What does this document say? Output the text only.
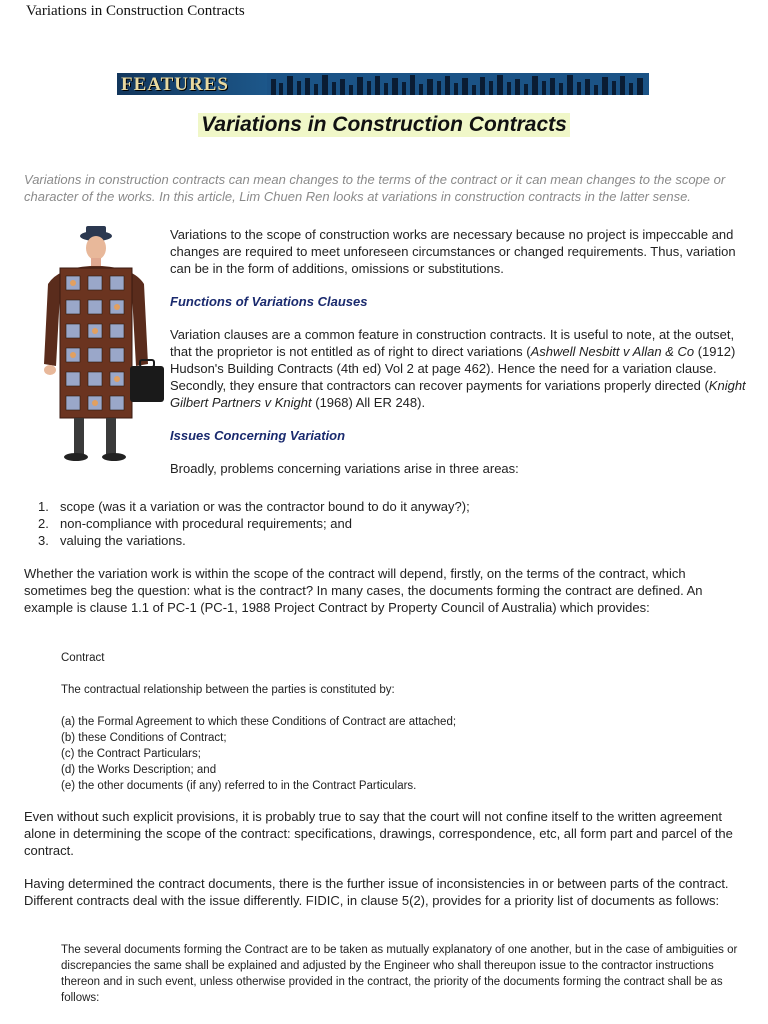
Variations in Construction Contracts
FEATURES
Variations in Construction Contracts

Variations in construction contracts can mean changes to the terms of the contract or it can mean changes to the scope or character of the works. In this article, Lim Chuen Ren looks at variations in construction contracts in the latter sense.

Variations to the scope of construction works are necessary because no project is impeccable and changes are required to meet unforeseen circumstances or changed requirements. Thus, variation can be in the form of additions, omissions or substitutions.

Functions of Variations Clauses

Variation clauses are a common feature in construction contracts. It is useful to note, at the outset, that the proprietor is not entitled as of right to direct variations (Ashwell Nesbitt v Allan & Co (1912) Hudson's Building Contracts (4th ed) Vol 2 at page 462). Hence the need for a variation clause. Secondly, they ensure that contractors can recover payments for variations properly directed (Knight Gilbert Partners v Knight (1968) All ER 248).

Issues Concerning Variation

Broadly, problems concerning variations arise in three areas:

1. scope (was it a variation or was the contractor bound to do it anyway?);
2. non-compliance with procedural requirements; and
3. valuing the variations.

Whether the variation work is within the scope of the contract will depend, firstly, on the terms of the contract, which sometimes beg the question: what is the contract? In many cases, the documents forming the contract are defined. An example is clause 1.1 of PC-1 (PC-1, 1988 Project Contract by Property Council of Australia) which provides:

Contract

The contractual relationship between the parties is constituted by:

(a) the Formal Agreement to which these Conditions of Contract are attached;
(b) these Conditions of Contract;
(c) the Contract Particulars;
(d) the Works Description; and
(e) the other documents (if any) referred to in the Contract Particulars.

Even without such explicit provisions, it is probably true to say that the court will not confine itself to the written agreement alone in determining the scope of the contract: specifications, drawings, correspondence, etc, all form part and parcel of the contract.

Having determined the contract documents, there is the further issue of inconsistencies in or between parts of the contract. Different contracts deal with the issue differently. FIDIC, in clause 5(2), provides for a priority list of documents as follows:

The several documents forming the Contract are to be taken as mutually explanatory of one another, but in the case of ambiguities or discrepancies the same shall be explained and adjusted by the Engineer who shall thereupon issue to the contractor instructions thereon and in such event, unless otherwise provided in the contract, the priority of the documents forming the contract shall be as follows:
